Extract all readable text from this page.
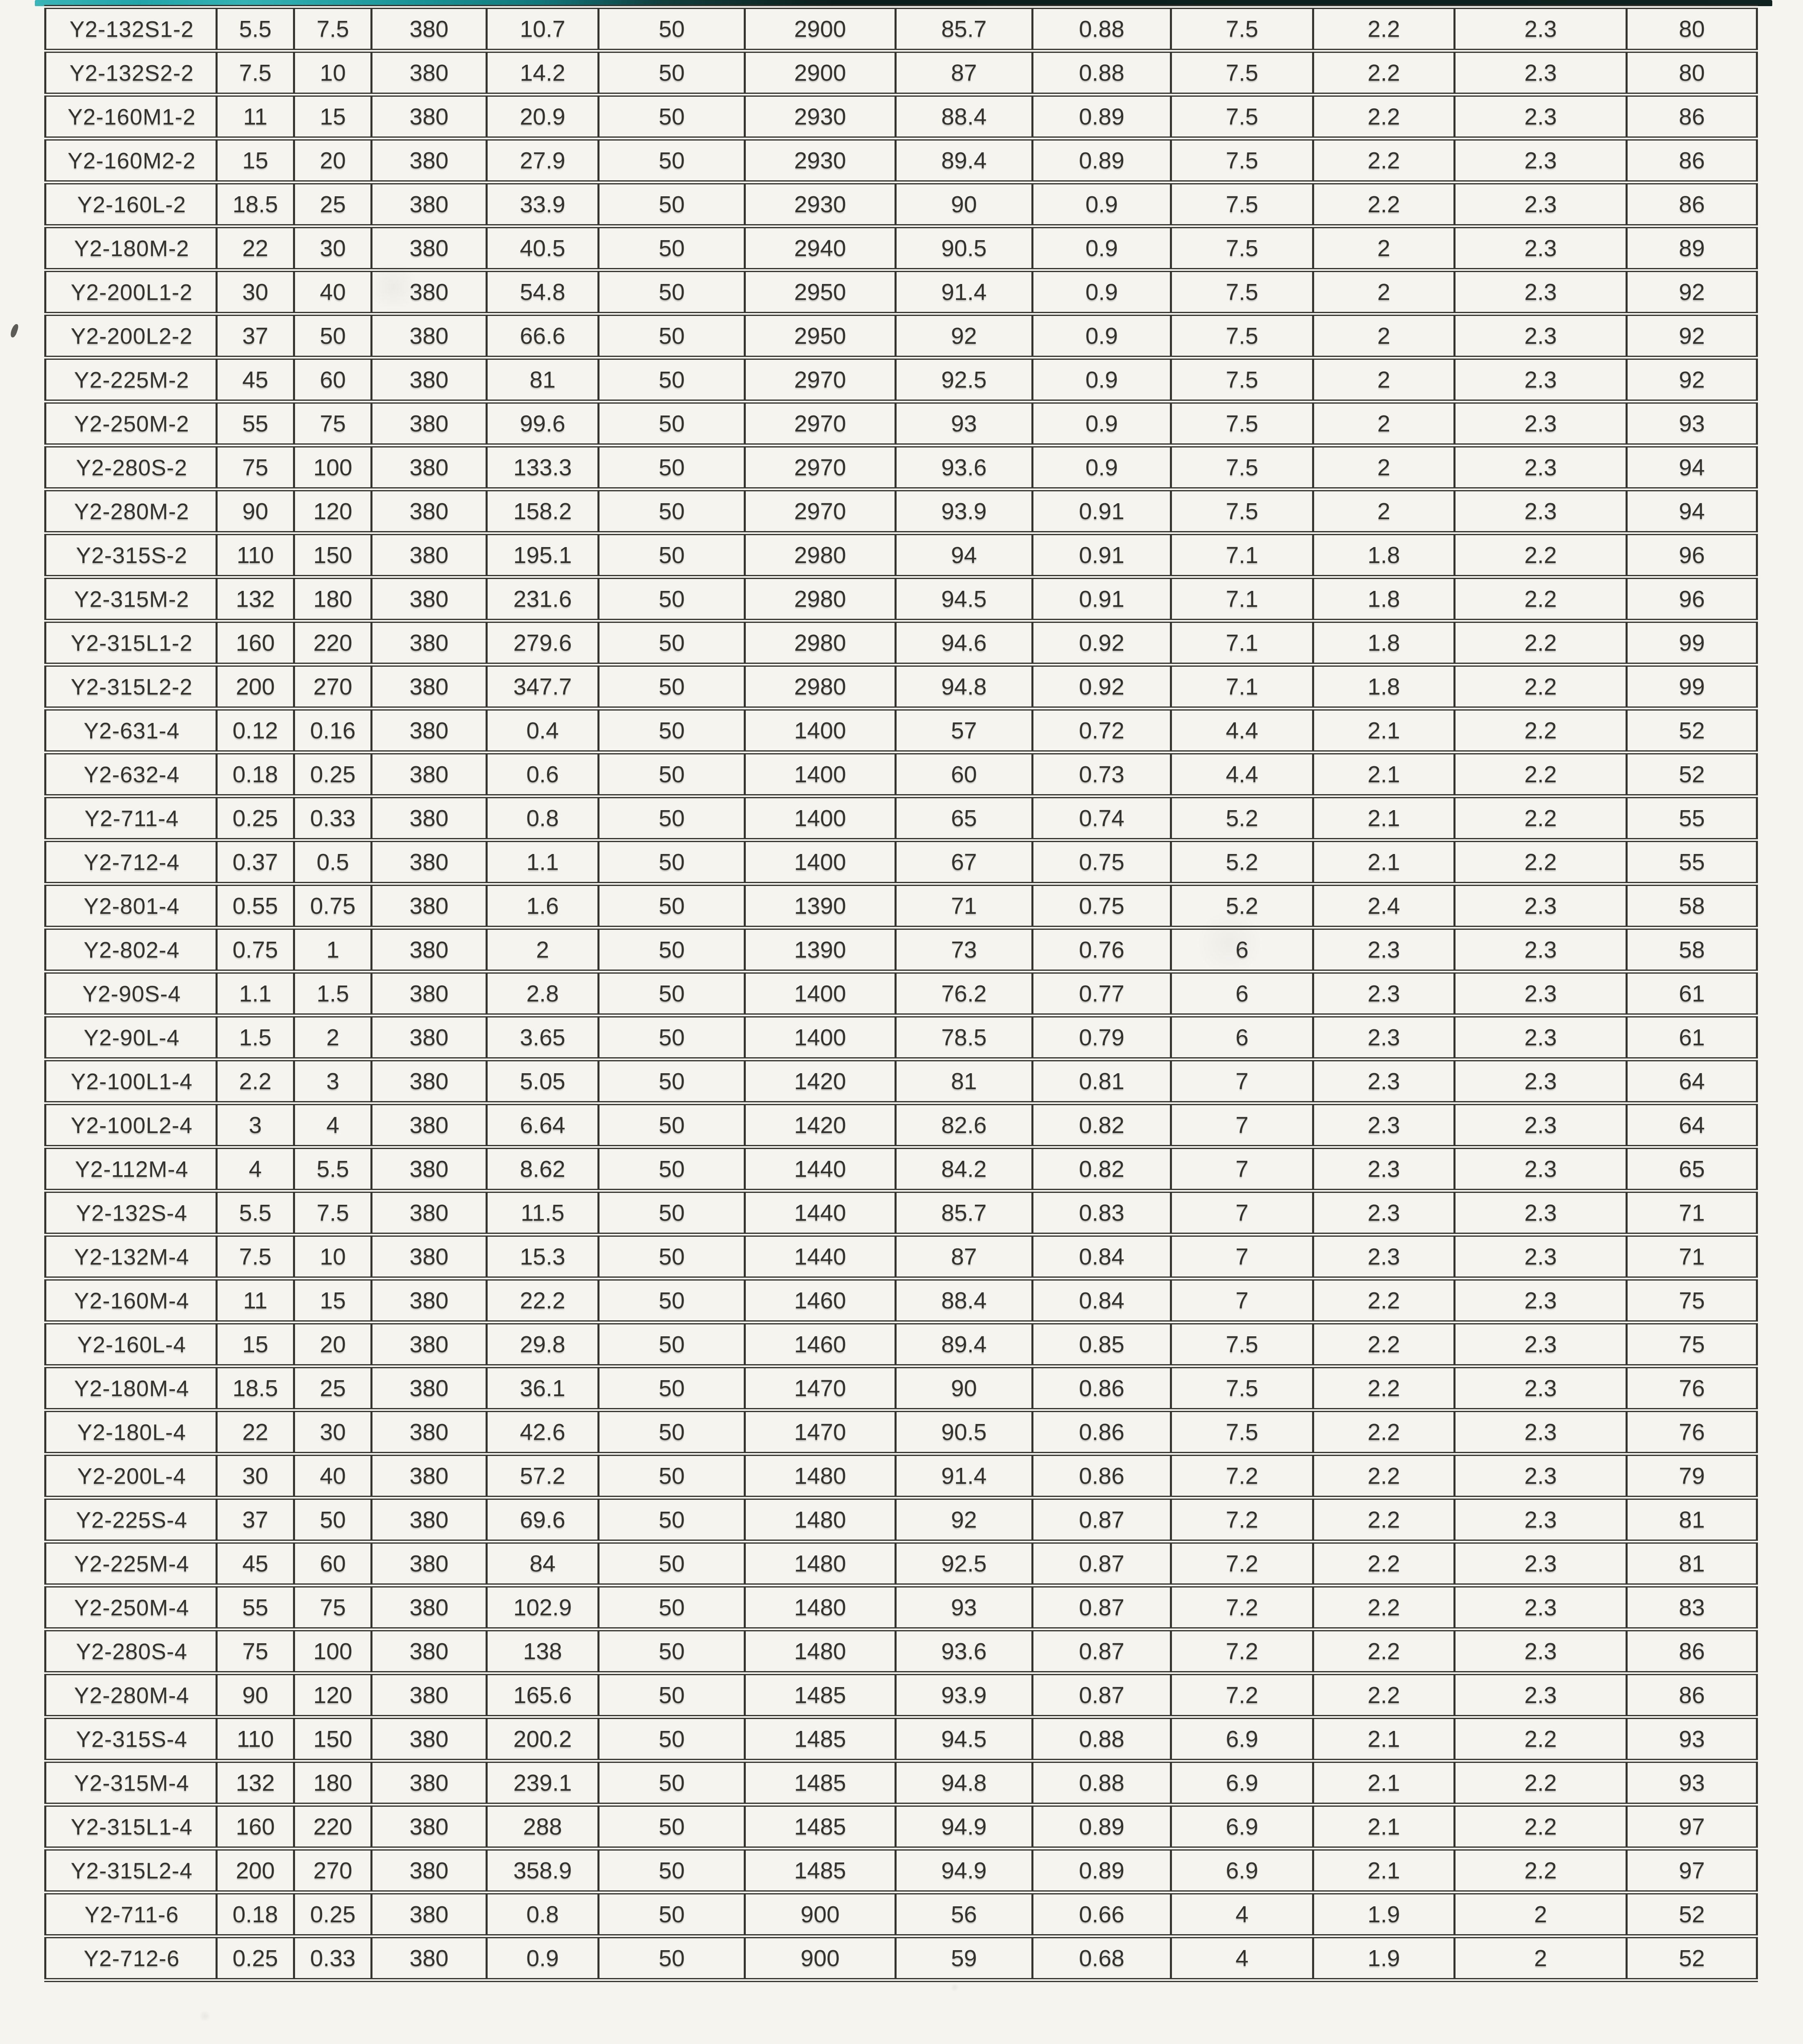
Y2-132S1-2	5.5	7.5	380	10.7	50	2900	85.7	0.88	7.5	2.2	2.3	80
Y2-132S2-2	7.5	10	380	14.2	50	2900	87	0.88	7.5	2.2	2.3	80
Y2-160M1-2	11	15	380	20.9	50	2930	88.4	0.89	7.5	2.2	2.3	86
Y2-160M2-2	15	20	380	27.9	50	2930	89.4	0.89	7.5	2.2	2.3	86
Y2-160L-2	18.5	25	380	33.9	50	2930	90	0.9	7.5	2.2	2.3	86
Y2-180M-2	22	30	380	40.5	50	2940	90.5	0.9	7.5	2	2.3	89
Y2-200L1-2	30	40	380	54.8	50	2950	91.4	0.9	7.5	2	2.3	92
Y2-200L2-2	37	50	380	66.6	50	2950	92	0.9	7.5	2	2.3	92
Y2-225M-2	45	60	380	81	50	2970	92.5	0.9	7.5	2	2.3	92
Y2-250M-2	55	75	380	99.6	50	2970	93	0.9	7.5	2	2.3	93
Y2-280S-2	75	100	380	133.3	50	2970	93.6	0.9	7.5	2	2.3	94
Y2-280M-2	90	120	380	158.2	50	2970	93.9	0.91	7.5	2	2.3	94
Y2-315S-2	110	150	380	195.1	50	2980	94	0.91	7.1	1.8	2.2	96
Y2-315M-2	132	180	380	231.6	50	2980	94.5	0.91	7.1	1.8	2.2	96
Y2-315L1-2	160	220	380	279.6	50	2980	94.6	0.92	7.1	1.8	2.2	99
Y2-315L2-2	200	270	380	347.7	50	2980	94.8	0.92	7.1	1.8	2.2	99
Y2-631-4	0.12	0.16	380	0.4	50	1400	57	0.72	4.4	2.1	2.2	52
Y2-632-4	0.18	0.25	380	0.6	50	1400	60	0.73	4.4	2.1	2.2	52
Y2-711-4	0.25	0.33	380	0.8	50	1400	65	0.74	5.2	2.1	2.2	55
Y2-712-4	0.37	0.5	380	1.1	50	1400	67	0.75	5.2	2.1	2.2	55
Y2-801-4	0.55	0.75	380	1.6	50	1390	71	0.75	5.2	2.4	2.3	58
Y2-802-4	0.75	1	380	2	50	1390	73	0.76	6	2.3	2.3	58
Y2-90S-4	1.1	1.5	380	2.8	50	1400	76.2	0.77	6	2.3	2.3	61
Y2-90L-4	1.5	2	380	3.65	50	1400	78.5	0.79	6	2.3	2.3	61
Y2-100L1-4	2.2	3	380	5.05	50	1420	81	0.81	7	2.3	2.3	64
Y2-100L2-4	3	4	380	6.64	50	1420	82.6	0.82	7	2.3	2.3	64
Y2-112M-4	4	5.5	380	8.62	50	1440	84.2	0.82	7	2.3	2.3	65
Y2-132S-4	5.5	7.5	380	11.5	50	1440	85.7	0.83	7	2.3	2.3	71
Y2-132M-4	7.5	10	380	15.3	50	1440	87	0.84	7	2.3	2.3	71
Y2-160M-4	11	15	380	22.2	50	1460	88.4	0.84	7	2.2	2.3	75
Y2-160L-4	15	20	380	29.8	50	1460	89.4	0.85	7.5	2.2	2.3	75
Y2-180M-4	18.5	25	380	36.1	50	1470	90	0.86	7.5	2.2	2.3	76
Y2-180L-4	22	30	380	42.6	50	1470	90.5	0.86	7.5	2.2	2.3	76
Y2-200L-4	30	40	380	57.2	50	1480	91.4	0.86	7.2	2.2	2.3	79
Y2-225S-4	37	50	380	69.6	50	1480	92	0.87	7.2	2.2	2.3	81
Y2-225M-4	45	60	380	84	50	1480	92.5	0.87	7.2	2.2	2.3	81
Y2-250M-4	55	75	380	102.9	50	1480	93	0.87	7.2	2.2	2.3	83
Y2-280S-4	75	100	380	138	50	1480	93.6	0.87	7.2	2.2	2.3	86
Y2-280M-4	90	120	380	165.6	50	1485	93.9	0.87	7.2	2.2	2.3	86
Y2-315S-4	110	150	380	200.2	50	1485	94.5	0.88	6.9	2.1	2.2	93
Y2-315M-4	132	180	380	239.1	50	1485	94.8	0.88	6.9	2.1	2.2	93
Y2-315L1-4	160	220	380	288	50	1485	94.9	0.89	6.9	2.1	2.2	97
Y2-315L2-4	200	270	380	358.9	50	1485	94.9	0.89	6.9	2.1	2.2	97
Y2-711-6	0.18	0.25	380	0.8	50	900	56	0.66	4	1.9	2	52
Y2-712-6	0.25	0.33	380	0.9	50	900	59	0.68	4	1.9	2	52
